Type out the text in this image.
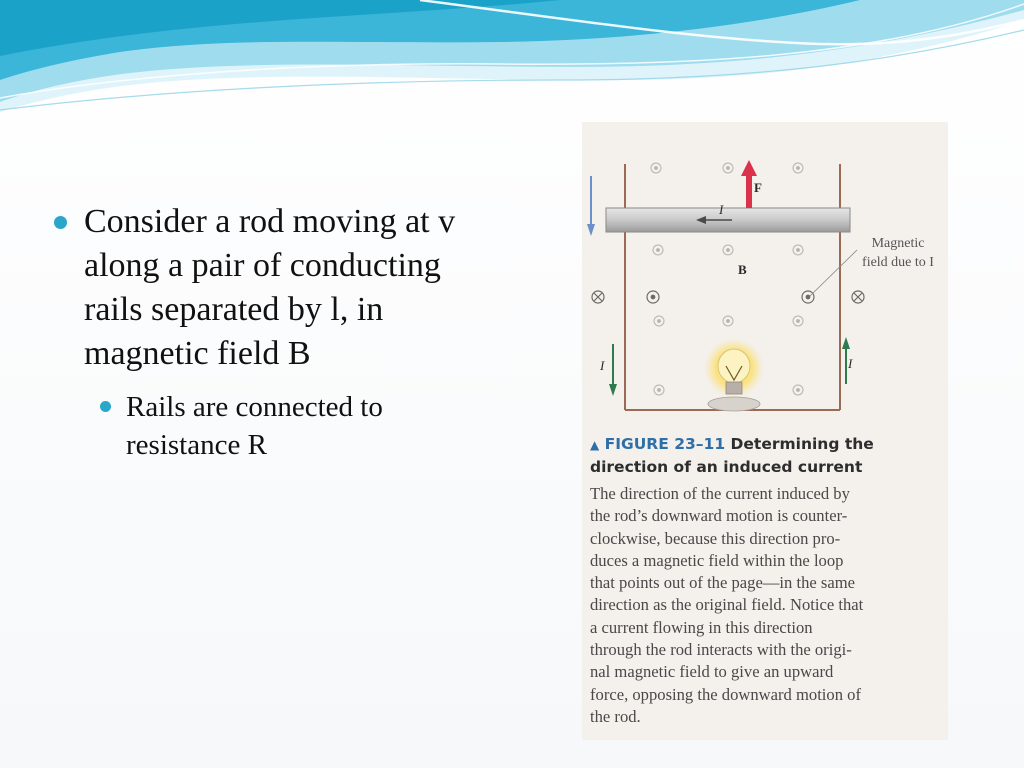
Consider a rod moving at v along a pair of conducting rails separated by l, in magnetic field B
Rails are connected to resistance R
F
I
B
I	I
Magnetic field due to I
▲ FIGURE 23–11 Determining the direction of an induced current
The direction of the current induced by
the rod’s downward motion is counter-
clockwise, because this direction pro-
duces a magnetic field within the loop
that points out of the page—in the same
direction as the original field. Notice that
a current flowing in this direction
through the rod interacts with the origi-
nal magnetic field to give an upward
force, opposing the downward motion of
the rod.
